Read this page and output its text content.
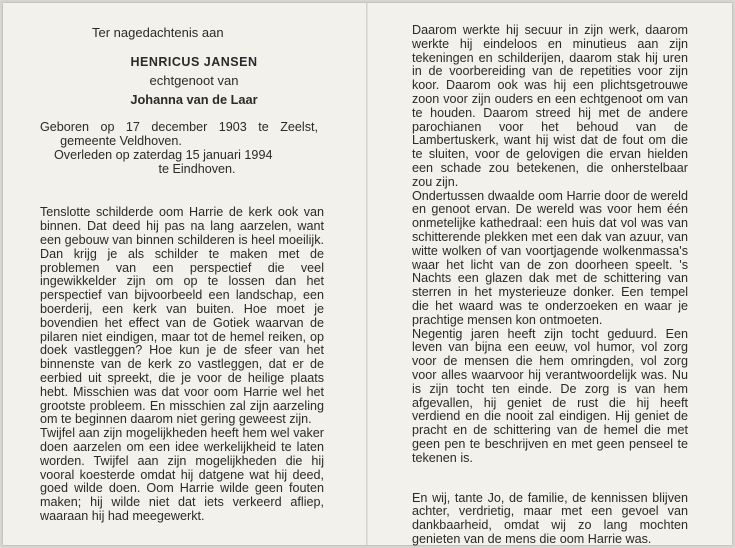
Ter nagedachtenis aan
HENRICUS JANSEN
echtgenoot van
Johanna van de Laar

Geboren op 17 december 1903 te Zeelst,

gemeente Veldhoven.

Overleden op zaterdag 15 januari 1994

te Eindhoven.

Tenslotte schilderde oom Harrie de kerk ook van binnen. Dat deed hij pas na lang aarzelen, want een gebouw van binnen schilderen is heel moeilijk. Dan krijg je als schilder te maken met de problemen van een perspectief die veel ingewikkelder zijn om op te lossen dan het perspectief van bijvoorbeeld een landschap, een boerderij, een kerk van buiten. Hoe moet je bovendien het effect van de Gotiek waarvan de pilaren niet eindigen, maar tot de hemel reiken, op doek vastleggen? Hoe kun je de sfeer van het binnenste van de kerk zo vastleggen, dat er de eerbied uit spreekt, die je voor de heilige plaats hebt. Misschien was dat voor oom Harrie wel het grootste probleem. En misschien zal zijn aarzeling om te beginnen daarom niet gering geweest zijn.

Twijfel aan zijn mogelijkheden heeft hem wel vaker doen aarzelen om een idee werkelijkheid te laten worden. Twijfel aan zijn mogelijkheden die hij vooral koesterde omdat hij datgene wat hij deed, goed wilde doen. Oom Harrie wilde geen fouten maken; hij wilde niet dat iets verkeerd afliep, waaraan hij had meegewerkt.

Daarom werkte hij secuur in zijn werk, daarom werkte hij eindeloos en minutieus aan zijn tekeningen en schilderijen, daarom stak hij uren in de voorbereiding van de repetities voor zijn koor. Daarom ook was hij een plichtsgetrouwe zoon voor zijn ouders en een echtgenoot om van te houden. Daarom streed hij met de andere parochianen voor het behoud van de Lambertuskerk, want hij wist dat de fout om die te sluiten, voor de gelovigen die ervan hielden een schade zou betekenen, die onherstelbaar zou zijn.

Ondertussen dwaalde oom Harrie door de wereld en genoot ervan. De wereld was voor hem één onmetelijke kathedraal: een huis dat vol was van schitterende plekken met een dak van azuur, van witte wolken of van voortjagende wolkenmassa's waar het licht van de zon doorheen speelt. 's Nachts een glazen dak met de schittering van sterren in het mysterieuze donker. Een tempel die het waard was te onderzoeken en waar je prachtige mensen kon ontmoeten.

Negentig jaren heeft zijn tocht geduurd. Een leven van bijna een eeuw, vol humor, vol zorg voor de mensen die hem omringden, vol zorg voor alles waarvoor hij verantwoordelijk was. Nu is zijn tocht ten einde. De zorg is van hem afgevallen, hij geniet de rust die hij heeft verdiend en die nooit zal eindigen. Hij geniet de pracht en de schittering van de hemel die met geen pen te beschrijven en met geen penseel te tekenen is.

En wij, tante Jo, de familie, de kennissen blijven achter, verdrietig, maar met een gevoel van dankbaarheid, omdat wij zo lang mochten genieten van de mens die oom Harrie was.
